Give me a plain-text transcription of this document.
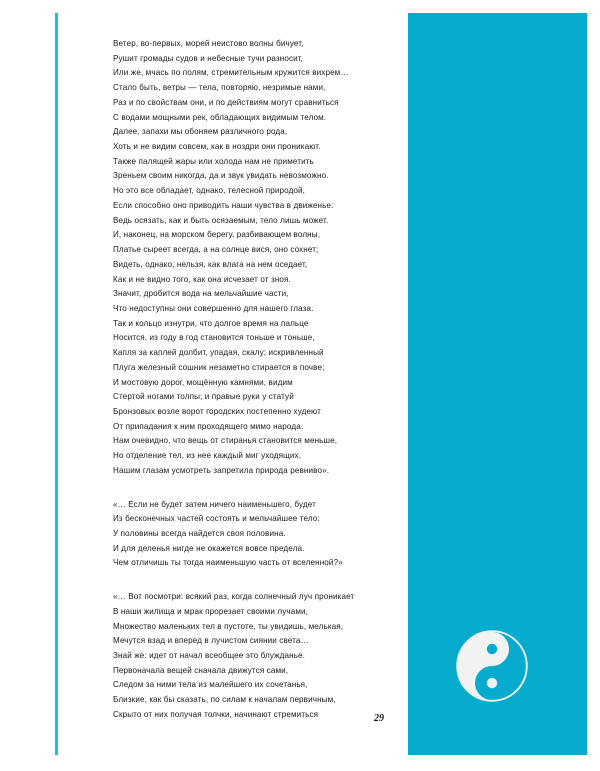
Ветер, во-первых, морей неистово волны бичует,
Рушит громады судов и небесные тучи разносит,
Или же, мчась по полям, стремительным кружится вихрем…
Стало быть, ветры — тела, повторяю, незримые нами,
Раз и по свойствам они, и по действиям могут сравниться
С водами мощными рек, обладающих видимым телом.
Далее, запахи мы обоняем различного рода,
Хоть и не видим совсем, как в ноздри они проникают.
Также палящей жары или холода нам не приметить
Зреньем своим никогда, да и звук увидать невозможно.
Но это все обладает, однако, телесной природой,
Если способно оно приводить наши чувства в движенье:
Ведь осязать, как и быть осязаемым, тело лишь может.
И, наконец, на морском берегу, разбивающем волны,
Платье сыреет всегда, а на солнце вися, оно сохнет;
Видеть, однако, нельзя, как влага на нем оседает,
Как и не видно того, как она исчезает от зноя.
Значит, дробится вода на мельчайшие части,
Что недоступны они совершенно для нашего глаза.
Так и кольцо изнутри, что долгое время на пальце
Носится, из году в год становится тоньше и тоньше,
Капля за каплей долбит, упадая, скалу; искривленный
Плуга железный сошник незаметно стирается в почве;
И мостовую дорог, мощённую камнями, видим
Стертой ногами толпы; и правые руки у статуй
Бронзовых возле ворот городских постепенно худеют
От припадания к ним проходящего мимо народа.
Нам очевидно, что вещь от стиранья становится меньше,
Но отделение тел, из нее каждый миг уходящих,
Нашим глазам усмотреть запретила природа ревниво».
«… Если не будет затем ничего наименьшего, будет
Из бесконечных частей состоять и мельчайшее тело:
У половины всегда найдется своя половина.
И для деленья нигде не окажется вовсе предела.
Чем отличишь ты тогда наименьшую часть от вселенной?»
«… Вот посмотри: всякий раз, когда солнечный луч проникает
В наши жилища и мрак прорезает своими лучами,
Множество маленьких тел в пустоте, ты увидишь, мелькая,
Мечутся взад и вперед в лучистом сиянии света…
Знай же: идет от начал всеобщее это блужданье.
Первоначала вещей сначала движутся сами,
Следом за ними тела из малейшего их сочетанья,
Близкие, как бы сказать, по силам к началам первичным,
Скрыто от них получая толчки, начинают стремиться	29
